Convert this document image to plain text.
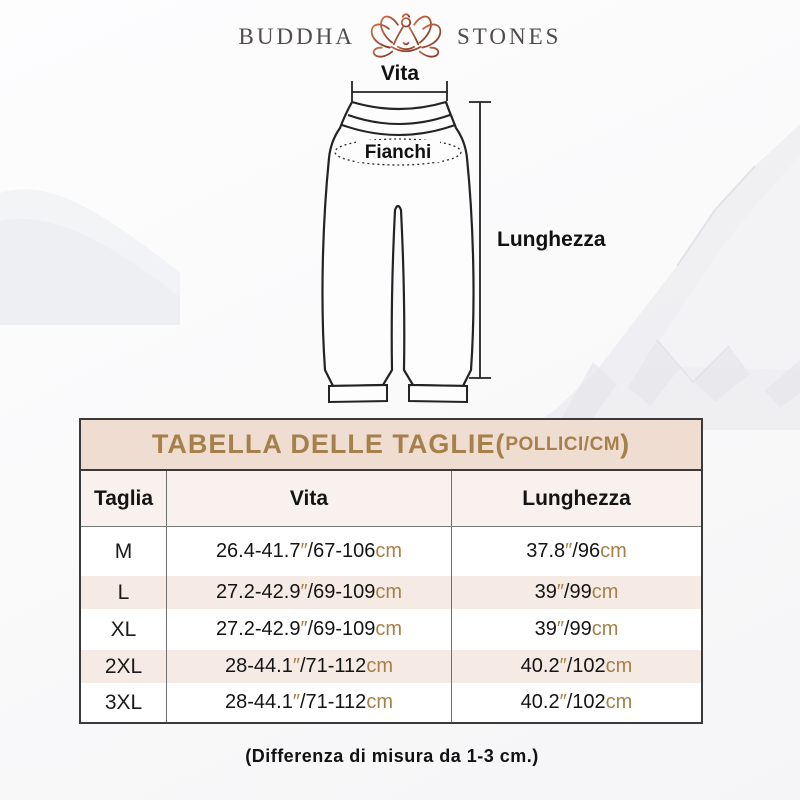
BUDDHA	STONES
Vita
Fianchi
Lunghezza
TABELLA DELLE TAGLIE ( POLLICI/CM )
Taglia	Vita	Lunghezza
M	26.4-41.7 ″ / 67-106 cm	37.8 ″ / 96 cm
L	27.2-42.9 ″ / 69-109 cm	39 ″ / 99 cm
XL	27.2-42.9 ″ / 69-109 cm	39 ″ / 99 cm
2XL	28-44.1 ″ / 71-112 cm	40.2 ″ / 102 cm
3XL	28-44.1 ″ / 71-112 cm	40.2 ″ / 102 cm
(Differenza di misura da 1-3 cm.)
